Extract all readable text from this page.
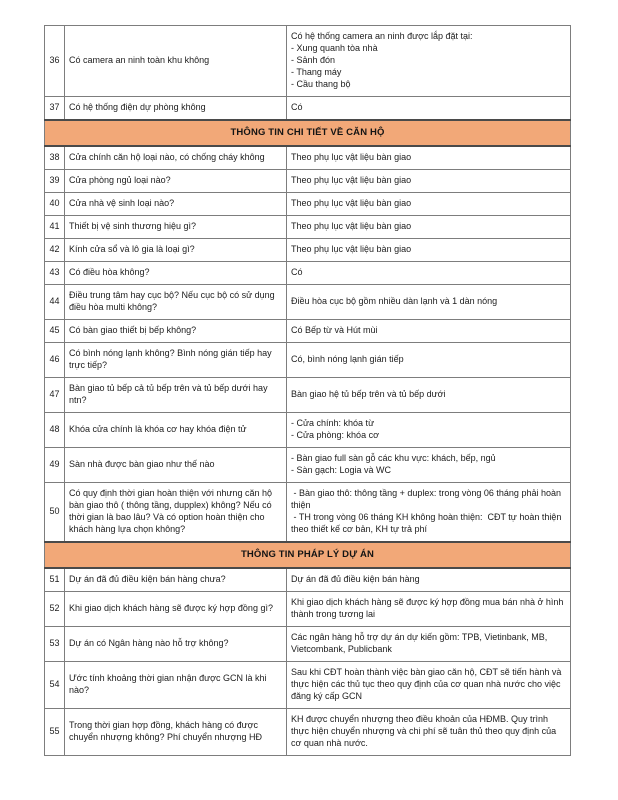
36	Có camera an ninh toàn khu không	Có hệ thống camera an ninh được lắp đặt tại:
- Xung quanh tòa nhà
- Sảnh đón
- Thang máy
- Cầu thang bộ

37	Có hệ thống điện dự phòng không	Có

THÔNG TIN CHI TIẾT VỀ CĂN HỘ		
38	Cửa chính căn hộ loại nào, có chống cháy không	Theo phụ lục vật liệu bàn giao

39	Cửa phòng ngủ loại nào?	Theo phụ lục vật liệu bàn giao

40	Cửa nhà vệ sinh loại nào?	Theo phụ lục vật liệu bàn giao

41	Thiết bị vệ sinh thương hiệu gì?	Theo phụ lục vật liệu bàn giao

42	Kính cửa sổ và lô gia là loại gì?	Theo phụ lục vật liệu bàn giao

43	Có điều hòa không?	Có

44	Điều trung tâm hay cục bộ? Nếu cục bộ có sử dụng điều hòa multi không?	Điều hòa cục bộ gồm nhiều dàn lạnh và 1 dàn nóng

45	Có bàn giao thiết bị bếp không?	Có Bếp từ và Hút mùi

46	Có bình nóng lạnh không? Bình nóng gián tiếp hay trực tiếp?	Có, bình nóng lạnh gián tiếp

47	Bàn giao tủ bếp cả tủ bếp trên và tủ bếp dưới hay ntn?	Bàn giao hệ tủ bếp trên và tủ bếp dưới

48	Khóa cửa chính là khóa cơ hay khóa điện tử	- Cửa chính: khóa từ
- Cửa phòng: khóa cơ

49	Sàn nhà được bàn giao như thế nào	- Bàn giao full sàn gỗ các khu vực: khách, bếp, ngủ
- Sàn gạch: Logia và WC

50	Có quy định thời gian hoàn thiện với nhưng căn hộ bàn giao thô ( thông tầng, dupplex) không? Nếu có thời gian là bao lâu? Và có option hoàn thiện cho khách hàng lựa chọn không?	- Bàn giao thô: thông tầng + duplex: trong vòng 06 tháng phải hoàn thiện
- TH trong vòng 06 tháng KH không hoàn thiện:  CĐT tự hoàn thiện theo thiết kế cơ bản, KH tự trả phí

THÔNG TIN PHÁP LÝ DỰ ÁN		
51	Dự án đã đủ điều kiện bán hàng chưa?	Dự án đã đủ điều kiện bán hàng

52	Khi giao dịch khách hàng sẽ được ký hợp đồng gì?	Khi giao dịch khách hàng sẽ được ký hợp đồng mua bán nhà ở hình thành trong tương lai

53	Dự án có Ngân hàng nào hỗ trợ không?	Các ngân hàng hỗ trợ dự án dự kiến gồm: TPB, Vietinbank, MB, Vietcombank, Publicbank

54	Ước tính khoảng thời gian nhận được GCN là khi nào?	Sau khi CĐT hoàn thành việc bàn giao căn hộ, CĐT sẽ tiến hành và thực hiện các thủ tục theo quy định của cơ quan nhà nước cho việc đăng ký cấp GCN

55	Trong thời gian hợp đồng, khách hàng có được chuyển nhượng không? Phí chuyển nhượng HĐ	KH được chuyển nhượng theo điều khoản của HĐMB. Quy trình thực hiện chuyển nhượng và chi phí sẽ tuân thủ theo quy định của cơ quan nhà nước.
